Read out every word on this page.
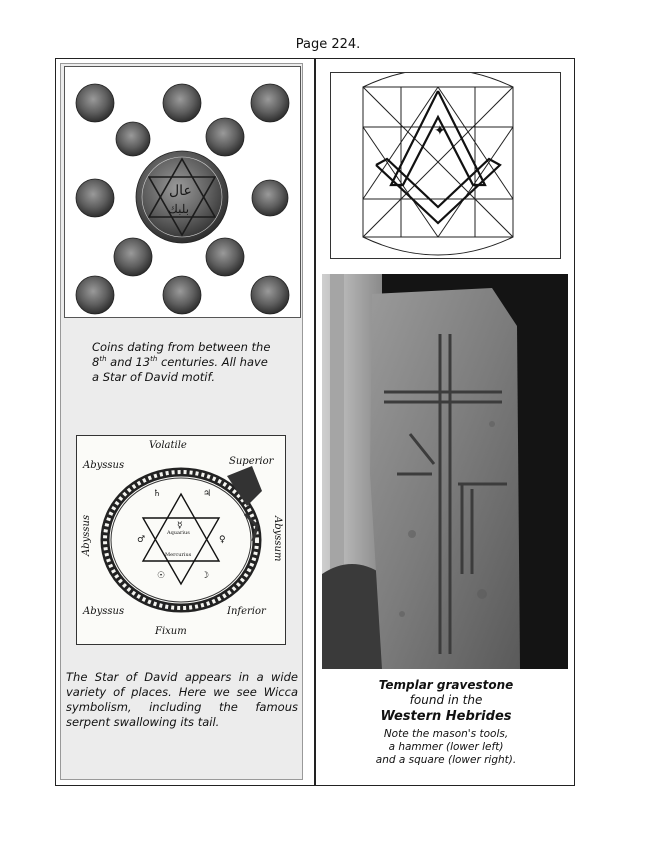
Page 224.
عال
بلبك
Coins dating from between the
8th and 13th centuries. All have
a Star of David motif.
☿
♄	♃
♂	♀
☉	☽
Aquarius
Mercurius
Volatile
Abyssus	Superior
Abyssus	Abyssum
Abyssus	Inferior
Fixum
The Star of David appears in a wide variety of places. Here we see Wicca symbolism, including the famous serpent swallowing its tail.
✦
Templar gravestone
found in the
Western Hebrides
Note the mason's tools,
a hammer (lower left)
and a square (lower right).
